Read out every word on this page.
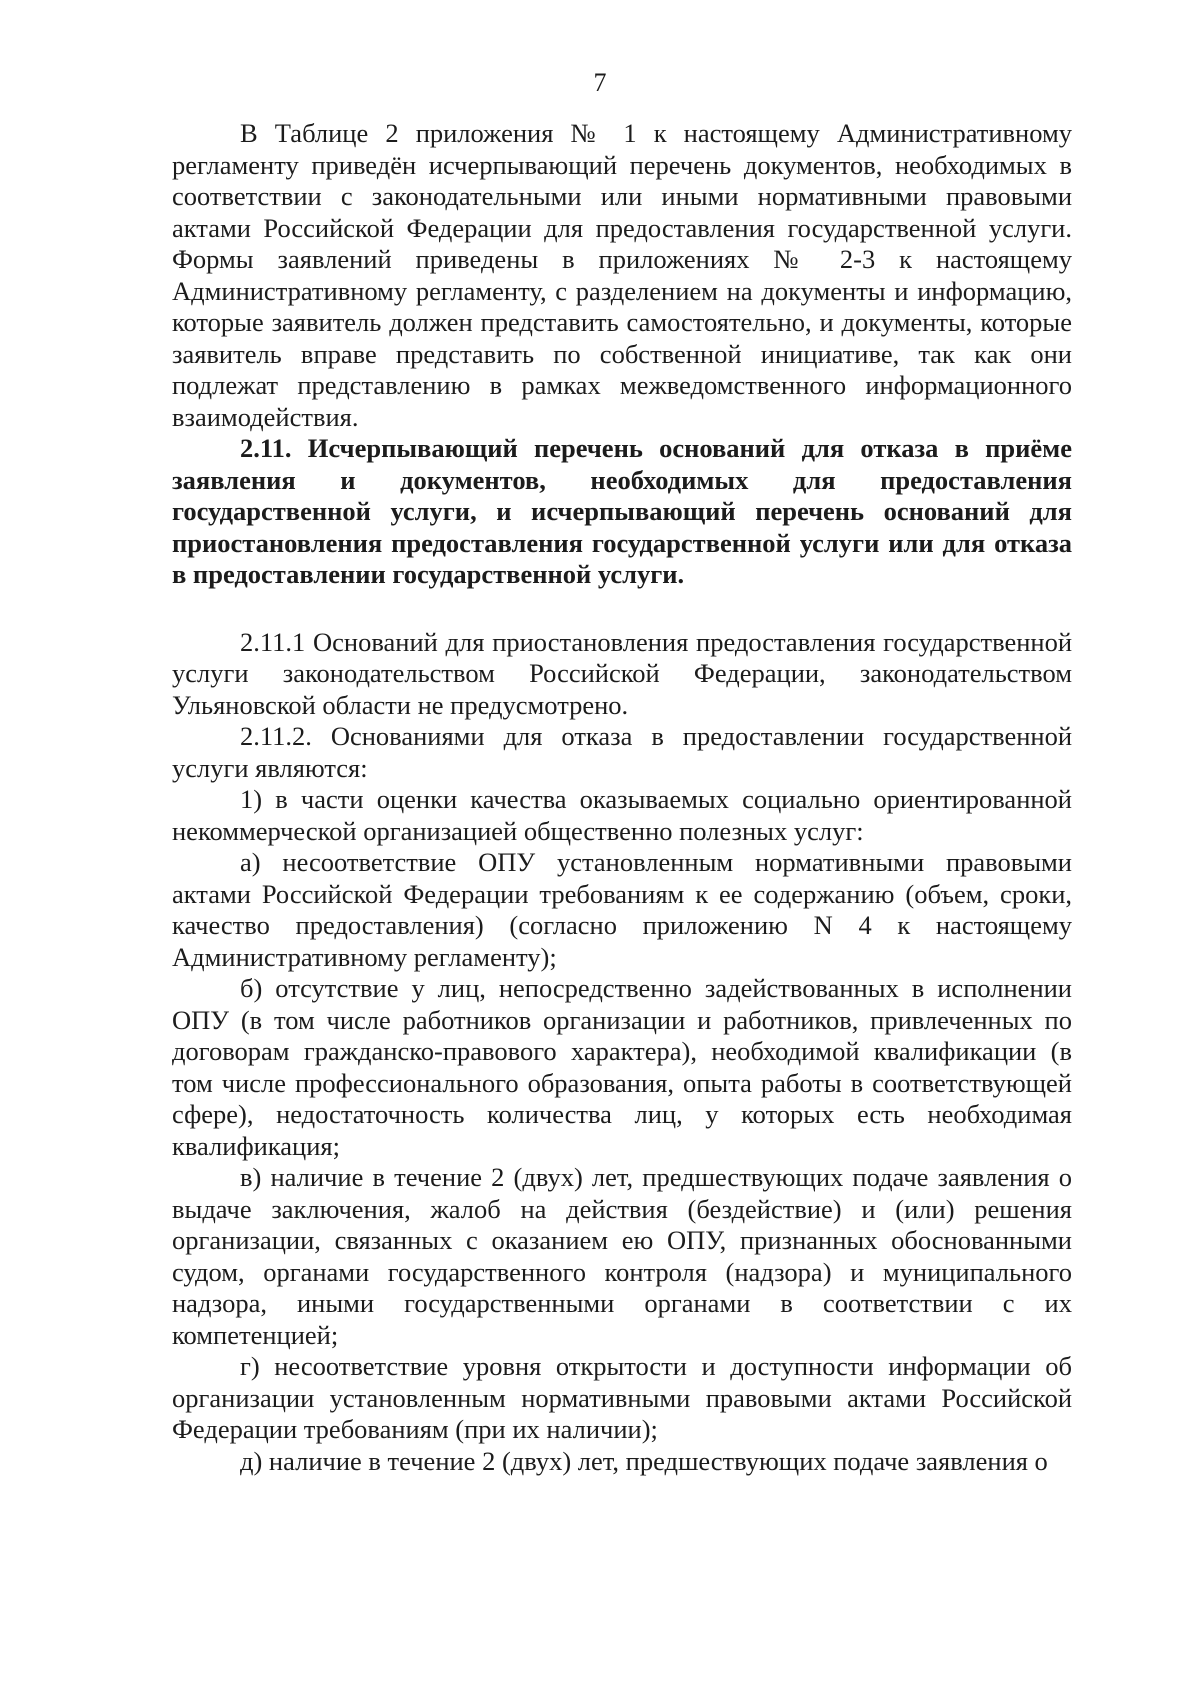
7

В Таблице 2 приложения № 1 к настоящему Административному регламенту приведён исчерпывающий перечень документов, необходимых в соответствии с законодательными или иными нормативными правовыми актами Российской Федерации для предоставления государственной услуги. Формы заявлений приведены в приложениях № 2-3 к настоящему Административному регламенту, с разделением на документы и информацию, которые заявитель должен представить самостоятельно, и документы, которые заявитель вправе представить по собственной инициативе, так как они подлежат представлению в рамках межведомственного информационного взаимодействия.

2.11. Исчерпывающий перечень оснований для отказа в приёме заявления и документов, необходимых для предоставления государственной услуги, и исчерпывающий перечень оснований для приостановления предоставления государственной услуги или для отказа в предоставлении государственной услуги.

2.11.1 Оснований для приостановления предоставления государственной услуги законодательством Российской Федерации, законодательством Ульяновской области не предусмотрено.

2.11.2. Основаниями для отказа в предоставлении государственной услуги являются:

1) в части оценки качества оказываемых социально ориентированной некоммерческой организацией общественно полезных услуг:

а) несоответствие ОПУ установленным нормативными правовыми актами Российской Федерации требованиям к ее содержанию (объем, сроки, качество предоставления) (согласно приложению N 4 к настоящему Административному регламенту);

б) отсутствие у лиц, непосредственно задействованных в исполнении ОПУ (в том числе работников организации и работников, привлеченных по договорам гражданско-правового характера), необходимой квалификации (в том числе профессионального образования, опыта работы в соответствующей сфере), недостаточность количества лиц, у которых есть необходимая квалификация;

в) наличие в течение 2 (двух) лет, предшествующих подаче заявления о выдаче заключения, жалоб на действия (бездействие) и (или) решения организации, связанных с оказанием ею ОПУ, признанных обоснованными судом, органами государственного контроля (надзора) и муниципального надзора, иными государственными органами в соответствии с их компетенцией;

г) несоответствие уровня открытости и доступности информации об организации установленным нормативными правовыми актами Российской Федерации требованиям (при их наличии);

д) наличие в течение 2 (двух) лет, предшествующих подаче заявления о
